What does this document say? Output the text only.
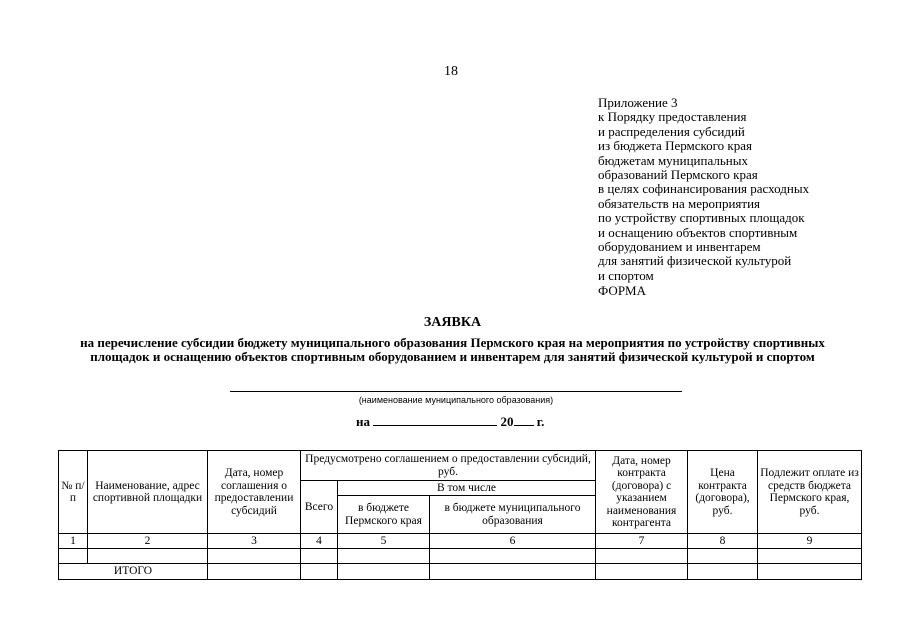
18
Приложение 3
к Порядку предоставления
и распределения субсидий
из бюджета Пермского края
бюджетам муниципальных
образований Пермского края
в целях софинансирования расходных
обязательств на мероприятия
по устройству спортивных площадок
и оснащению объектов спортивным
оборудованием и инвентарем
для занятий физической культурой
и спортом
ФОРМА
ЗАЯВКА
на перечисление субсидии бюджету муниципального образования Пермского края на мероприятия по устройству спортивных площадок и оснащению объектов спортивным оборудованием и инвентарем для занятий физической культурой и спортом
(наименование муниципального образования)
на	20 г.
№ п/п	Наименование, адрес спортивной площадки	Дата, номер соглашения о предоставлении субсидий	Предусмотрено соглашением о предоставлении субсидий, руб.			Дата, номер контракта (договора) с указанием наименования контрагента	Цена контракта (договора), руб.	Подлежит оплате из средств бюджета Пермского края, руб.
			Всего	В том числе				
				в бюджете Пермского края	в бюджете муниципального образования			
1	2	3	4	5	6	7	8	9

ИТОГО								
